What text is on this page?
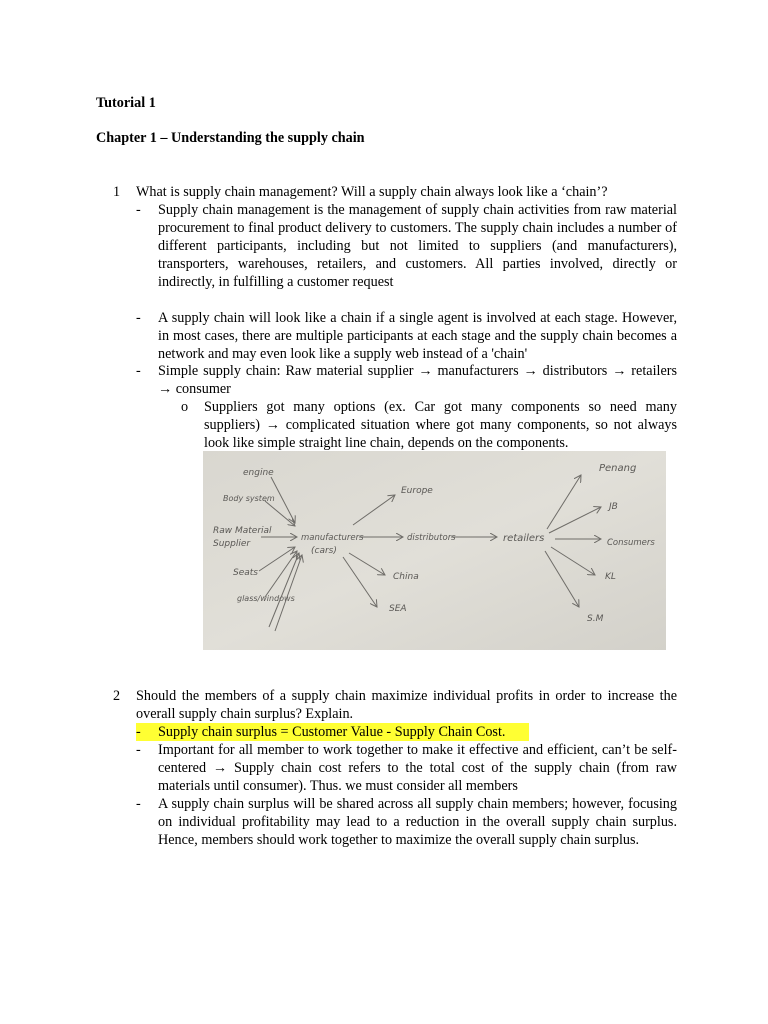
Tutorial 1
Chapter 1 – Understanding the supply chain
1 What is supply chain management? Will a supply chain always look like a ‘chain’?
- Supply chain management is the management of supply chain activities from raw material procurement to final product delivery to customers. The supply chain includes a number of different participants, including but not limited to suppliers (and manufacturers), transporters, warehouses, retailers, and customers. All parties involved, directly or indirectly, in fulfilling a customer request
- A supply chain will look like a chain if a single agent is involved at each stage. However, in most cases, there are multiple participants at each stage and the supply chain becomes a network and may even look like a supply web instead of a 'chain'
- Simple supply chain: Raw material supplier → manufacturers → distributors → retailers → consumer
o Suppliers got many options (ex. Car got many components so need many suppliers) → complicated situation where got many components, so not always look like simple straight line chain, depends on the components.
engine
Body system
Raw Material
Supplier
Seats
glass/windows
manufacturers
(cars)
Europe
China
SEA
distributors	retailers
Penang
JB
Consumers
KL
S.M
2 Should the members of a supply chain maximize individual profits in order to increase the overall supply chain surplus? Explain.
- Supply chain surplus = Customer Value - Supply Chain Cost.
- Important for all member to work together to make it effective and efficient, can’t be self-centered → Supply chain cost refers to the total cost of the supply chain (from raw materials until consumer). Thus. we must consider all members
- A supply chain surplus will be shared across all supply chain members; however, focusing on individual profitability may lead to a reduction in the overall supply chain surplus. Hence, members should work together to maximize the overall supply chain surplus.
